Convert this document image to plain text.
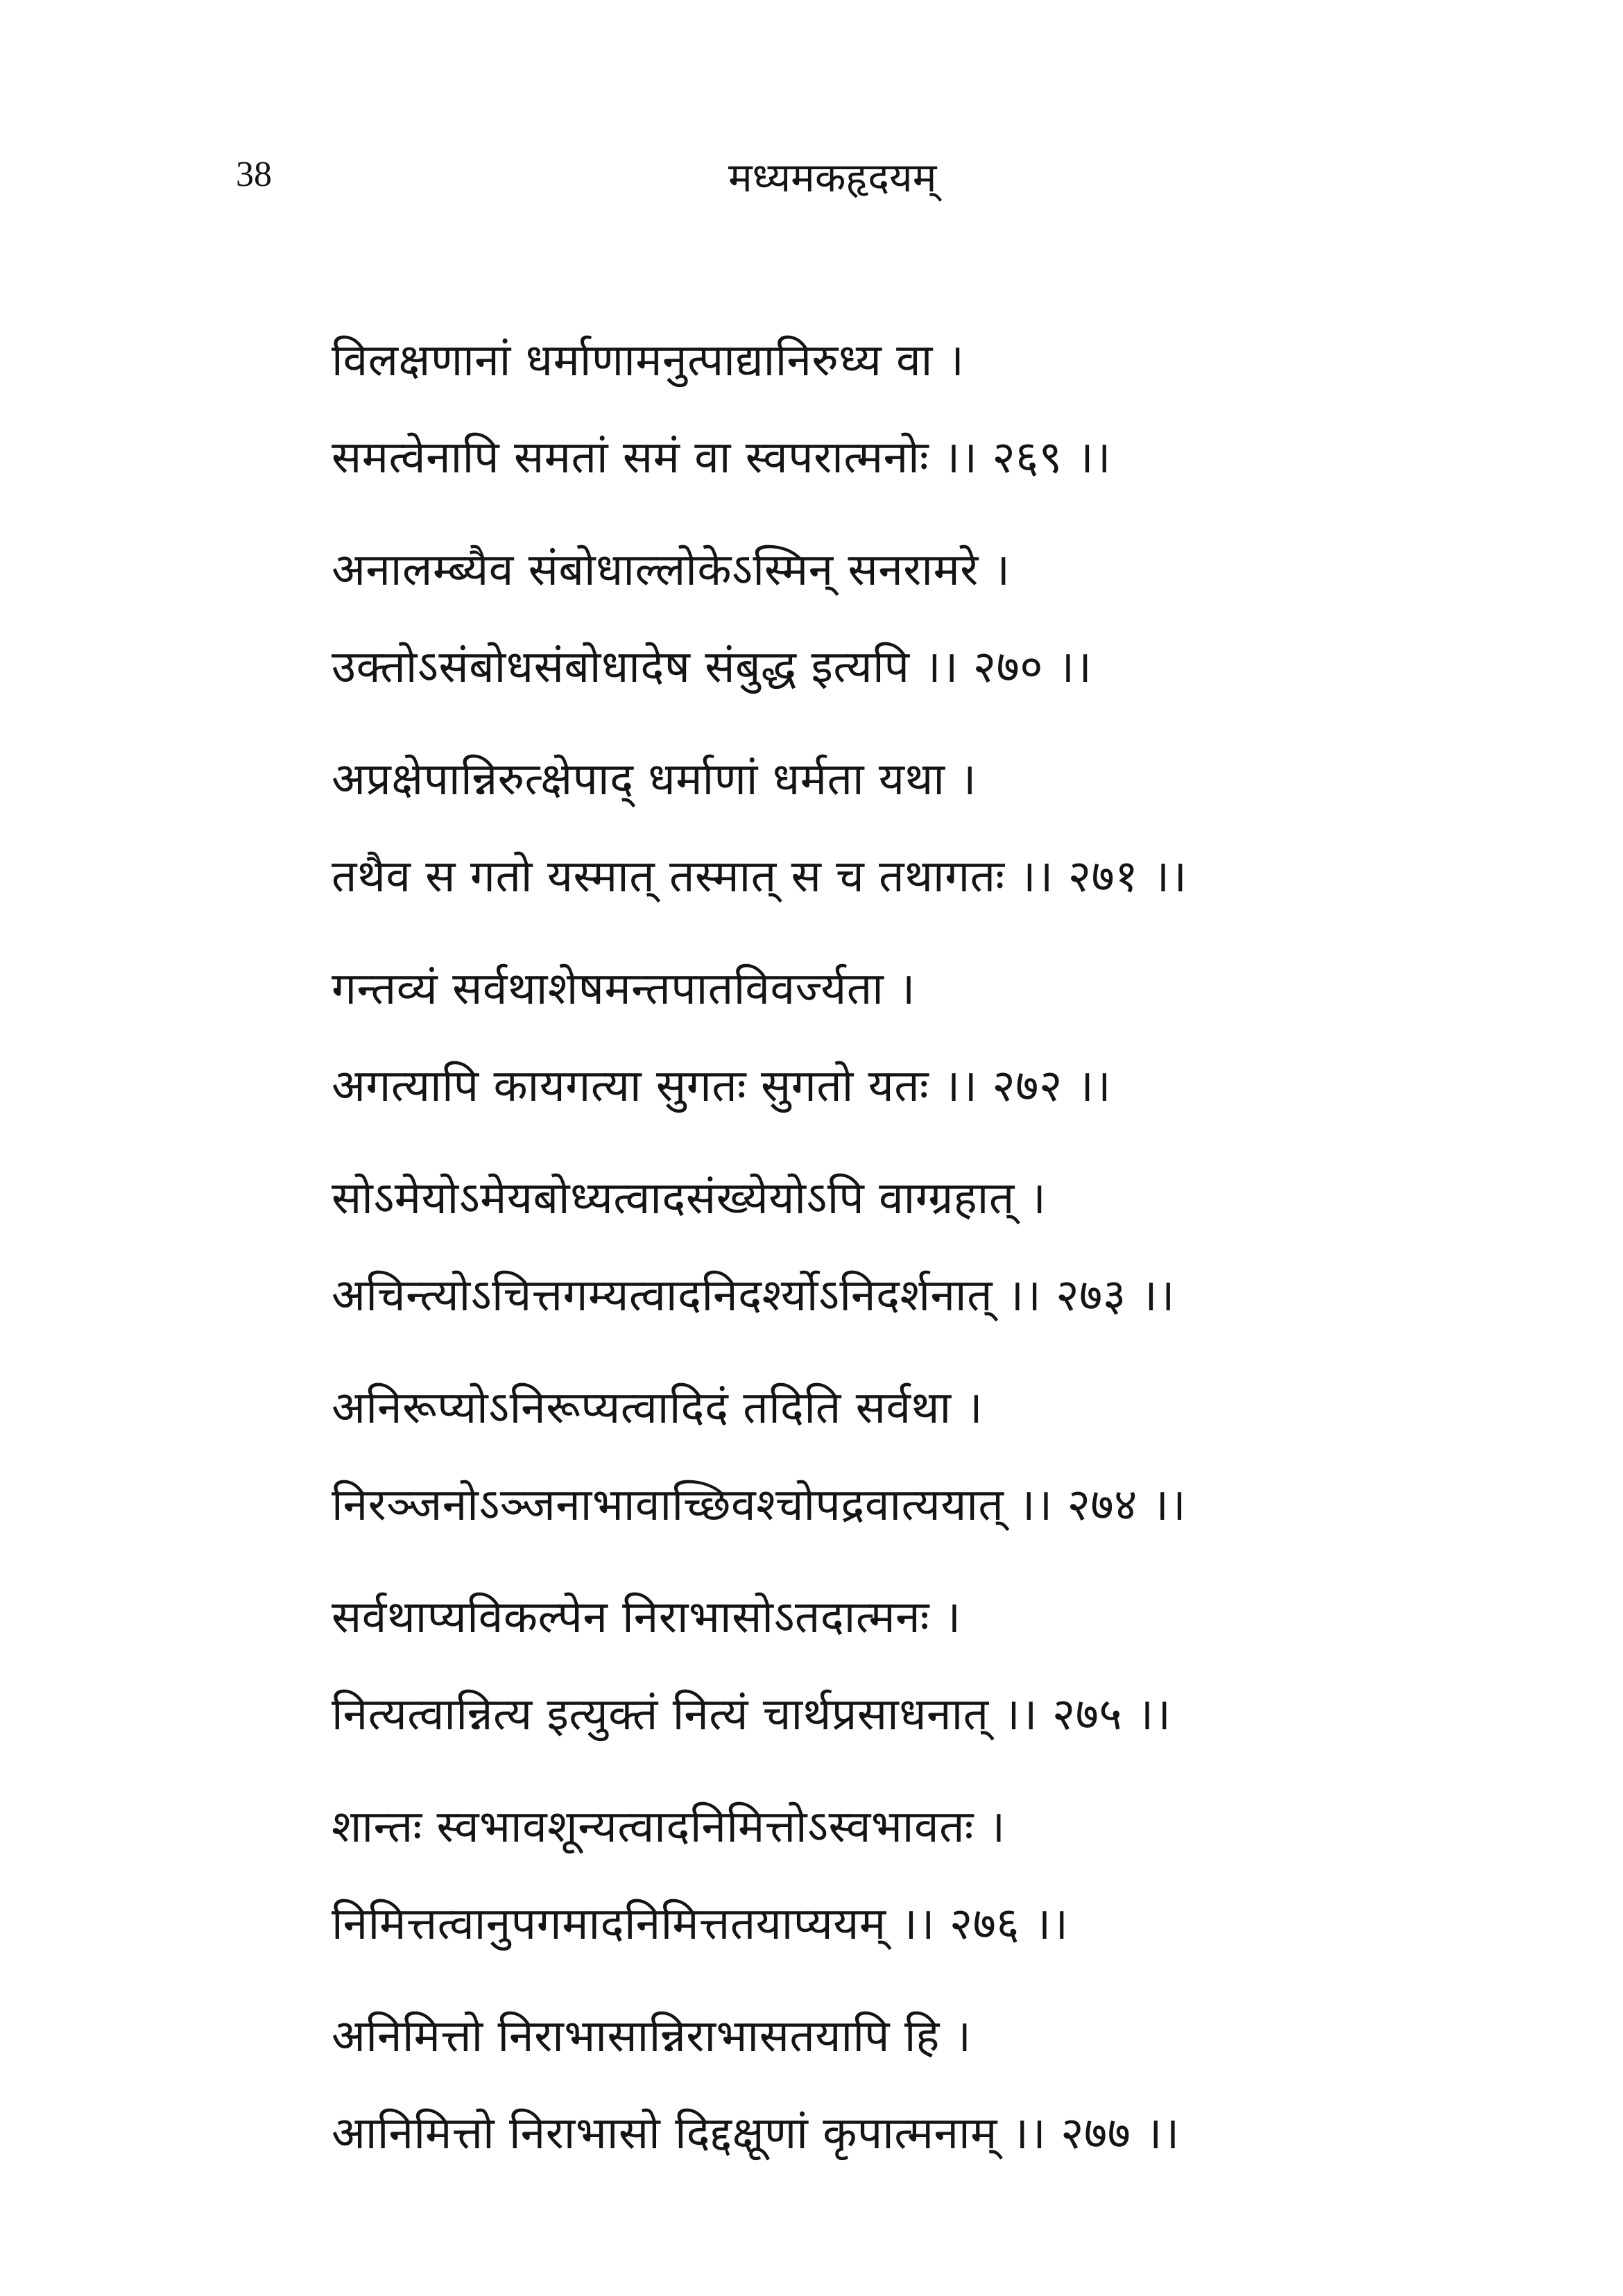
38	मध्यमकहृदयम्
विलक्षणानां धर्माणामनुत्पाद्यानिरुध्य वा ।
समत्वेनापि समतां समं वा स्वपरात्मनोः ।। २६९ ।।
अनालम्ब्यैव संबोधाल्लोकेऽस्मिन् सनरामरे ।
उक्तोऽसंबोधसंबोधादेष संबुद्ध इत्यपि ।। २७० ।।
अप्रक्षेपान्निरुत्क्षेपाद् धर्माणां धर्मता यथा ।
तथैव स गतो यस्मात् तस्मात् स च तथागतः ।। २७१ ।।
गन्तव्यं सर्वथाशेषमन्तपातविवर्ज्यता ।
अगत्यापि कायगत्या सुगतः सुगतो यतः ।। २७२ ।।
सोऽमेयोऽमेयबोध्यत्वादसंख्येयोऽपि वाग्ग्रहात् ।
अचिन्त्योऽचित्तगम्यत्वादनिदर्श्योऽनिदर्शनात् ।। २७३ ।।
अनिरूप्योऽनिरूप्यत्वादिदं तदिति सर्वथा ।
निरञ्जनोऽञ्जनाभावाच्छिवश्चोपद्रवात्ययात् ।। २७४ ।।
सर्वथाप्यविकल्पेन निराभासोऽतदात्मनः ।
नित्यत्वान्नित्य इत्युक्तं नित्यं चार्थप्रसाधनात् ।। २७५ ।।
शान्तः स्वभावशून्यत्वादनिमित्तोऽस्वभावतः ।
निमित्तत्वानुपगमादनिमित्ततयाप्ययम् ।। २७६ ।।
अनिमित्तो निराभासान्निराभासतयापि हि ।
आनिमित्तो निराभासो दिद्दक्षूणां कृपात्मनाम् ।। २७७ ।।
